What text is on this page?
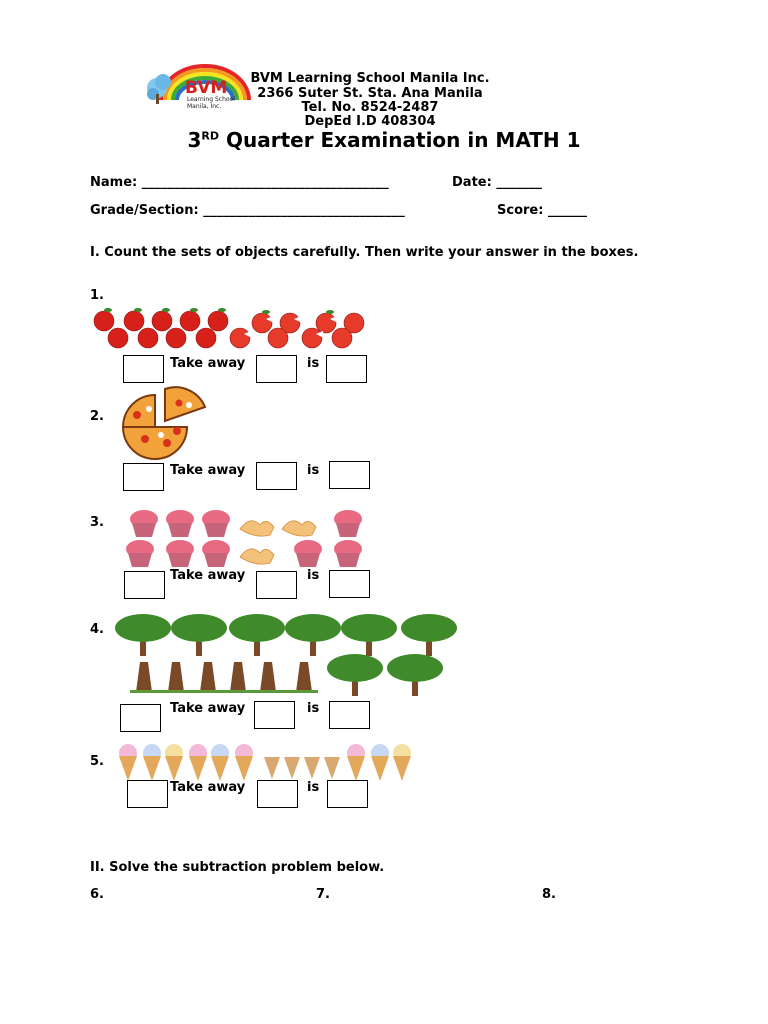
BVM
Learning School Manila, Inc.
BVM Learning School Manila Inc.
2366 Suter St. Sta. Ana Manila
Tel. No. 8524-2487
DepEd I.D 408304
3RD Quarter Examination in MATH 1
Name: ______________________________________	Date: _______
Grade/Section: _______________________________	Score: ______
I. Count the sets of objects carefully. Then write your answer in the boxes.
1.
Take away	is
2.
Take away	is
3.
Take away	is
4.
Take away	is
5.
Take away	is
II. Solve the subtraction problem below.
6.	7.	8.
